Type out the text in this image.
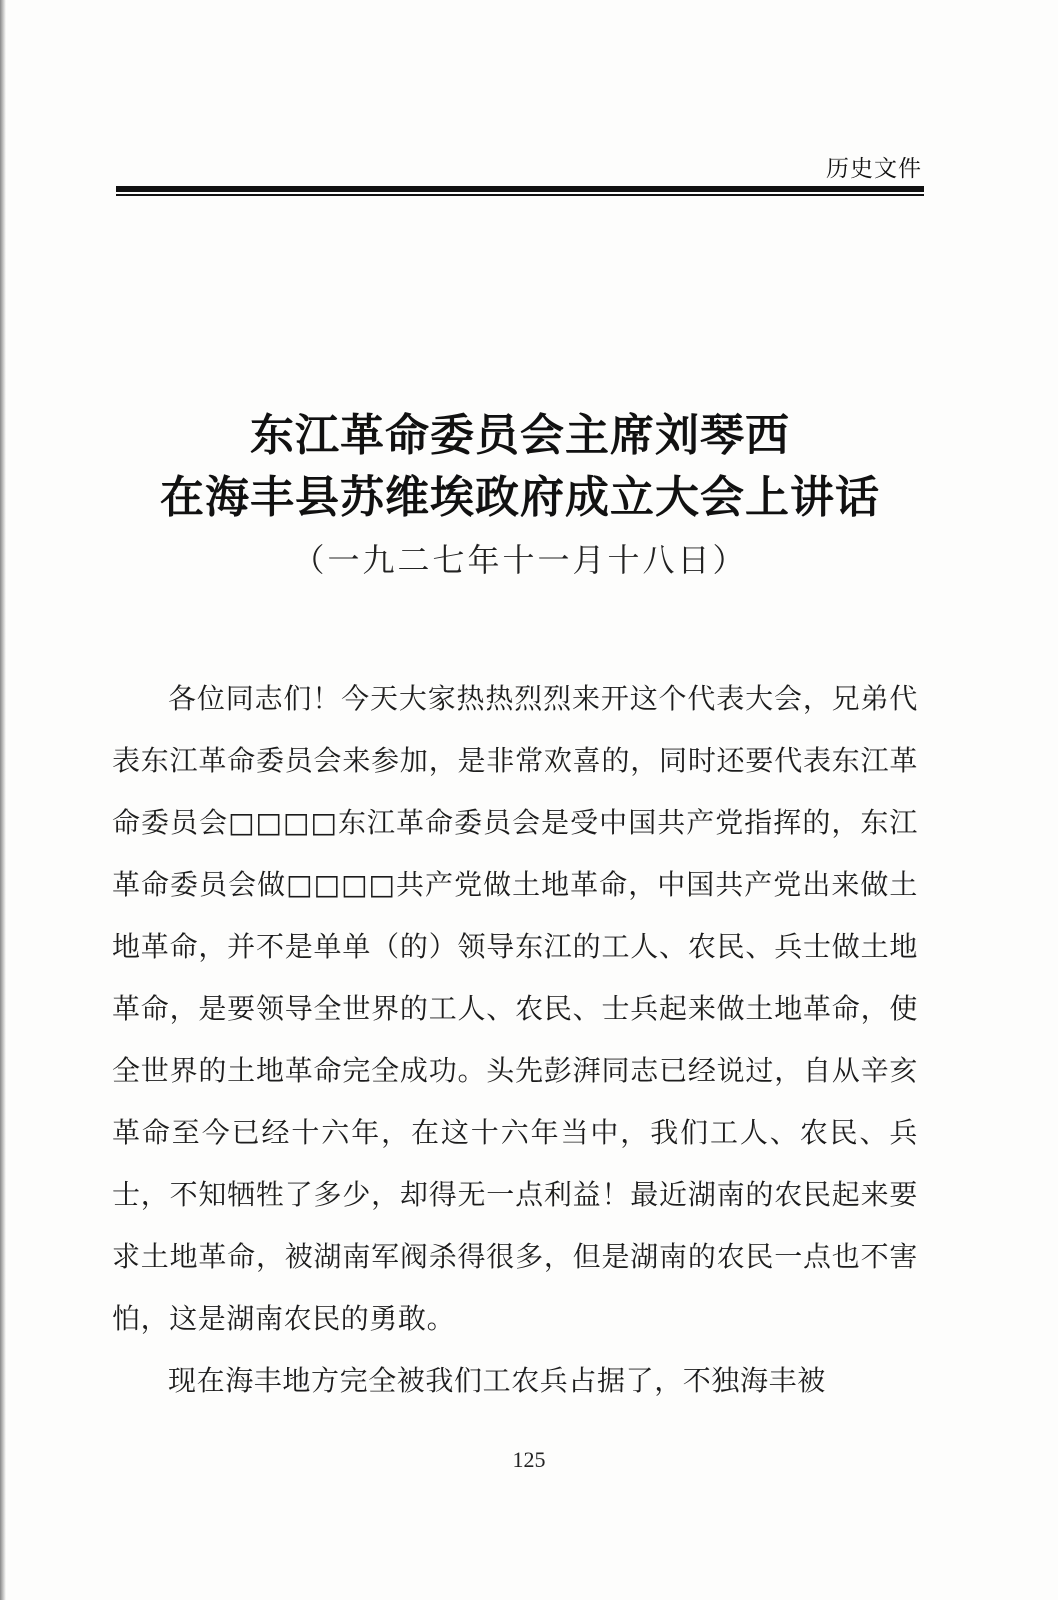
历史文件
东江革命委员会主席刘琴西
在海丰县苏维埃政府成立大会上讲话
（一九二七年十一月十八日）

各位同志们！今天大家热热烈烈来开这个代表大会，兄弟代表东江革命委员会来参加，是非常欢喜的，同时还要代表东江革命委员会□□□□东江革命委员会是受中国共产党指挥的，东江革命委员会做□□□□共产党做土地革命，中国共产党出来做土地革命，并不是单单（的）领导东江的工人、农民、兵士做土地革命，是要领导全世界的工人、农民、士兵起来做土地革命，使全世界的土地革命完全成功。头先彭湃同志已经说过，自从辛亥革命至今已经十六年，在这十六年当中，我们工人、农民、兵士，不知牺牲了多少，却得无一点利益！最近湖南的农民起来要求土地革命，被湖南军阀杀得很多，但是湖南的农民一点也不害怕，这是湖南农民的勇敢。

现在海丰地方完全被我们工农兵占据了，不独海丰被

125
